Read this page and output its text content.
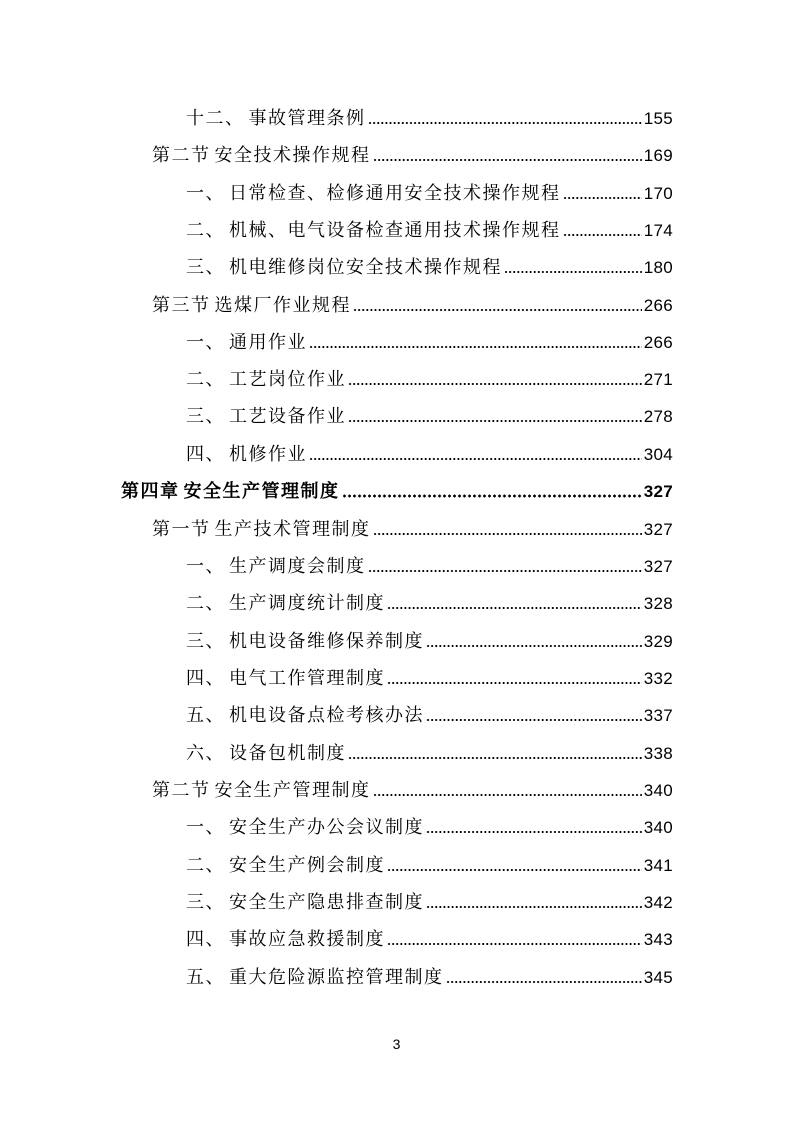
十二、 事故管理条例	155
第二节 安全技术操作规程	169
一、 日常检查、检修通用安全技术操作规程	170
二、 机械、电气设备检查通用技术操作规程	174
三、 机电维修岗位安全技术操作规程	180
第三节 选煤厂作业规程	266
一、 通用作业	266
二、 工艺岗位作业	271
三、 工艺设备作业	278
四、 机修作业	304
第四章 安全生产管理制度	327
第一节 生产技术管理制度	327
一、 生产调度会制度	327
二、 生产调度统计制度	328
三、 机电设备维修保养制度	329
四、 电气工作管理制度	332
五、 机电设备点检考核办法	337
六、 设备包机制度	338
第二节 安全生产管理制度	340
一、 安全生产办公会议制度	340
二、 安全生产例会制度	341
三、 安全生产隐患排查制度	342
四、 事故应急救援制度	343
五、 重大危险源监控管理制度	345
3
